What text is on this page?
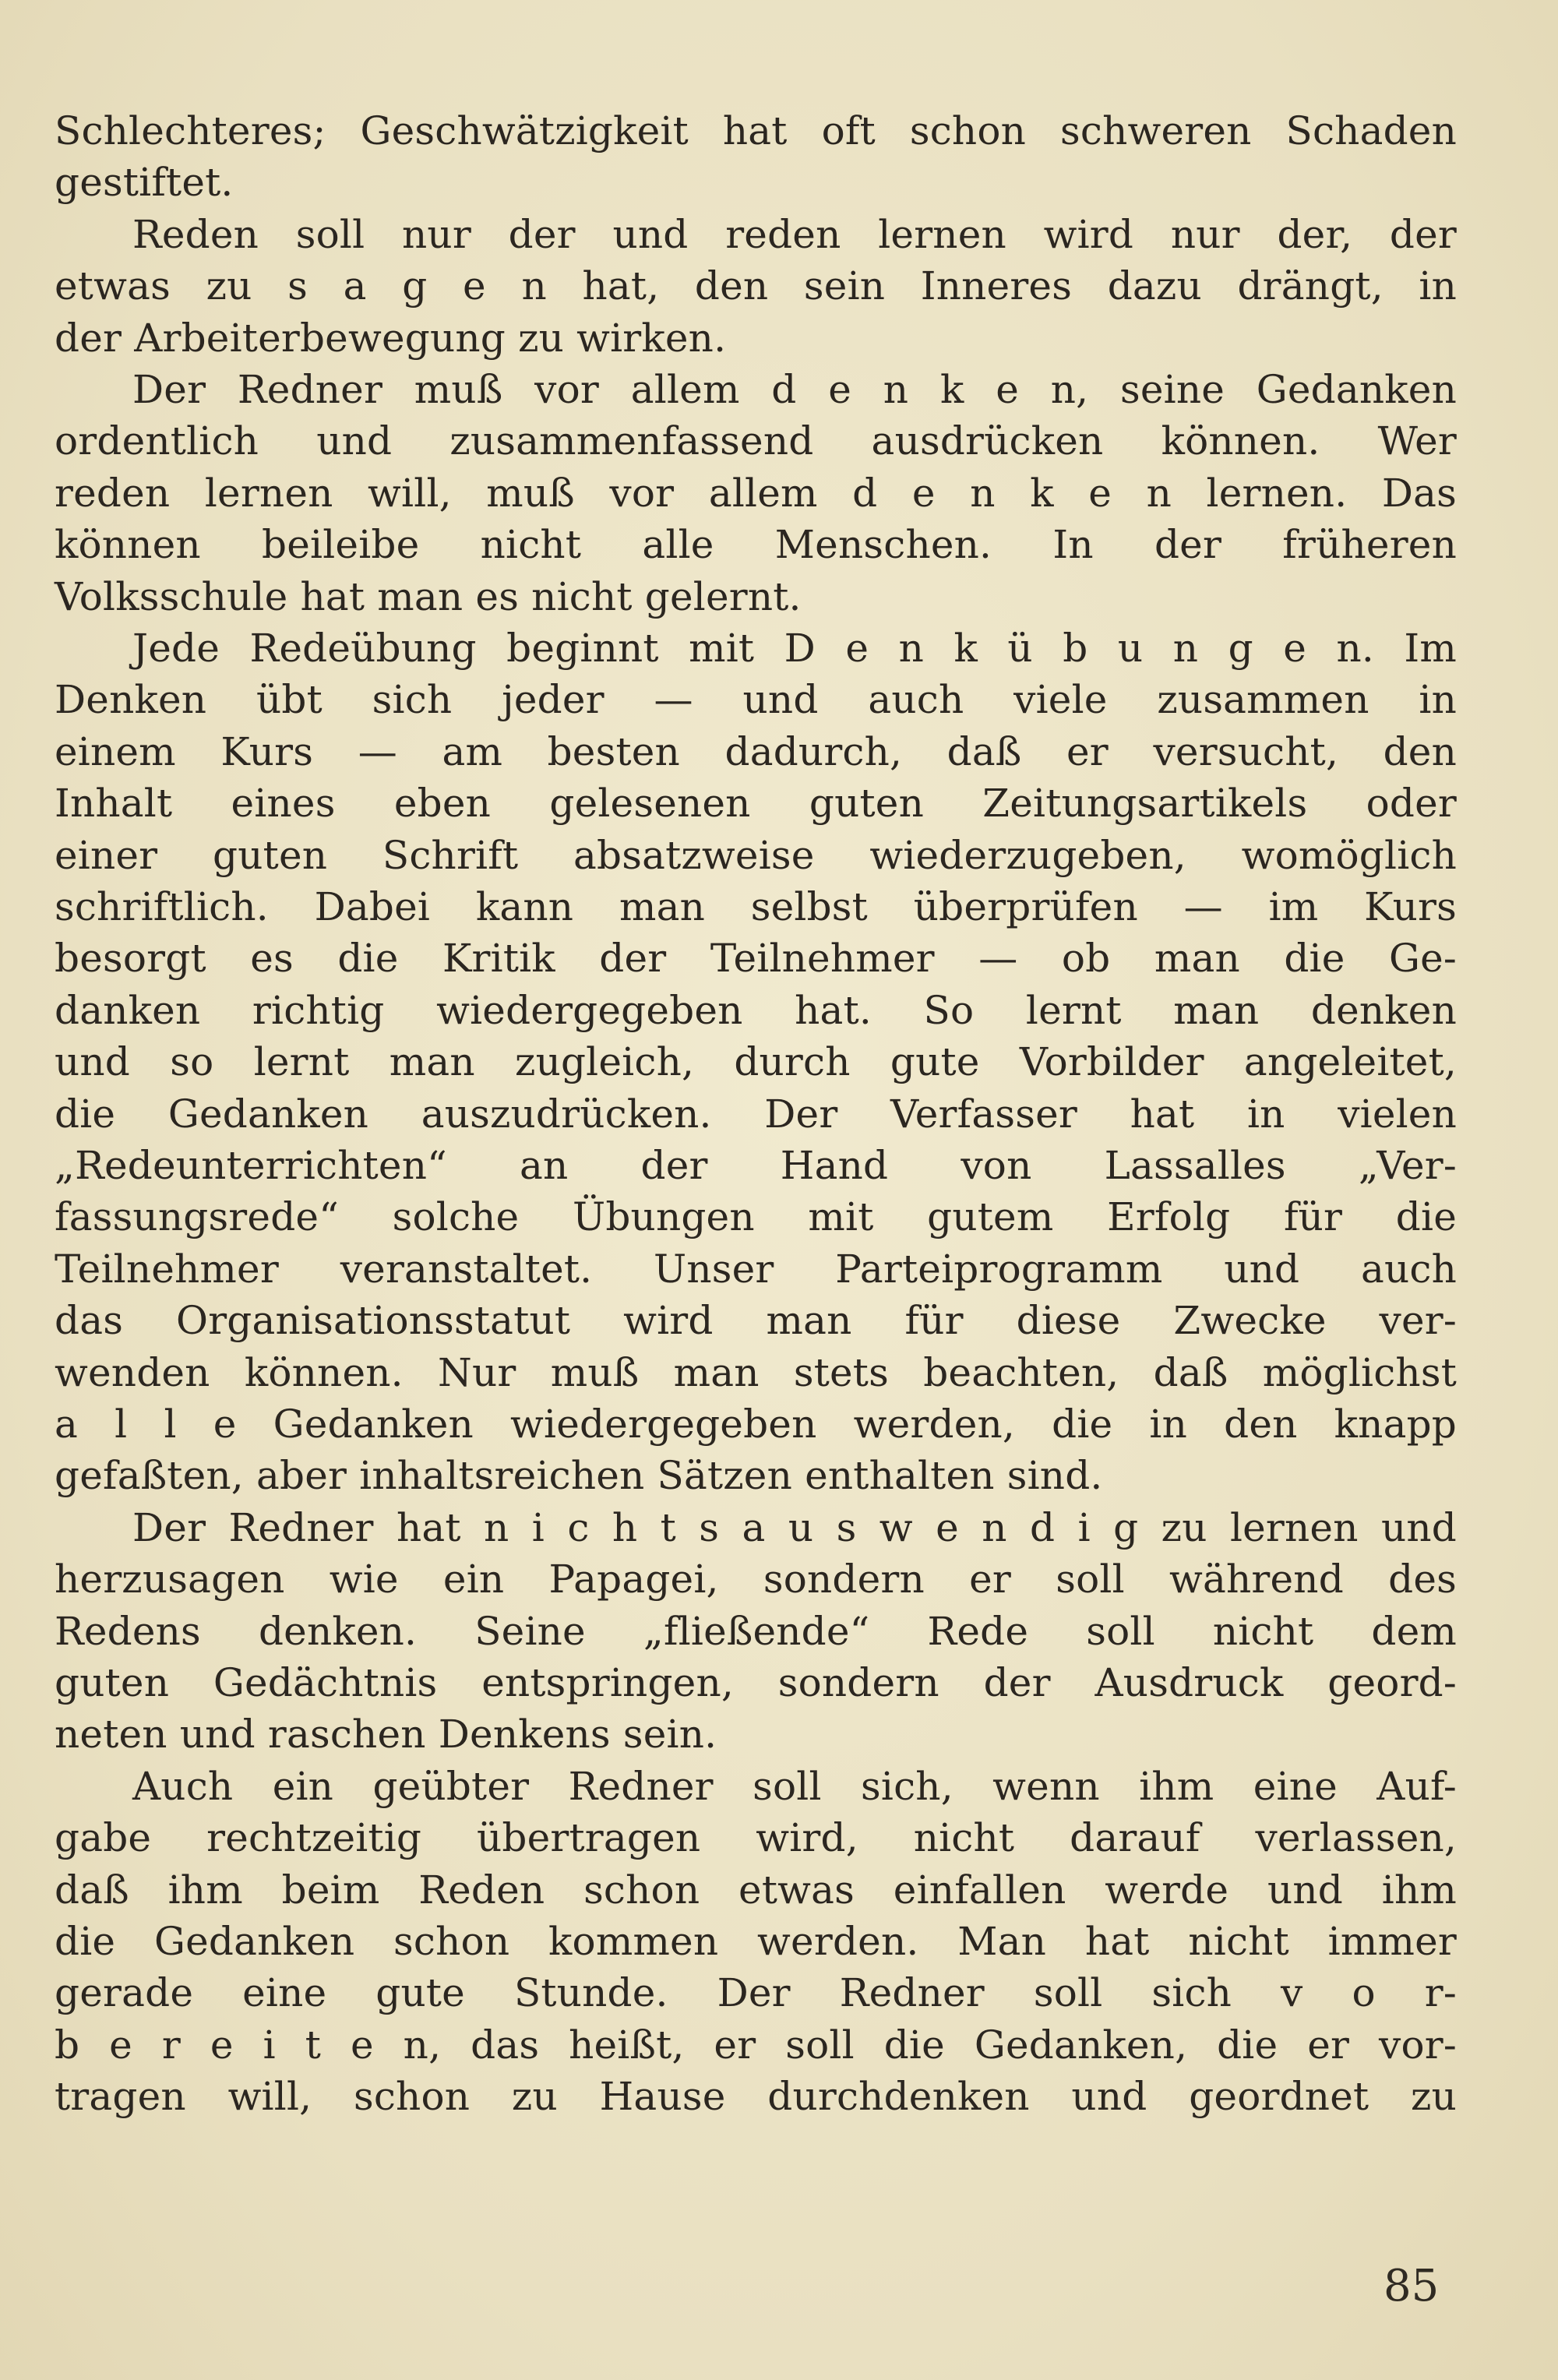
Schlechteres; Geschwätzigkeit hat oft schon schweren Schaden
gestiftet.
Reden soll nur der und reden lernen wird nur der, der
etwas zu s a g e n hat, den sein Inneres dazu drängt, in
der Arbeiterbewegung zu wirken.
Der Redner muß vor allem d e n k e n, seine Gedanken
ordentlich und zusammenfassend ausdrücken können. Wer
reden lernen will, muß vor allem d e n k e n lernen. Das
können beileibe nicht alle Menschen. In der früheren
Volksschule hat man es nicht gelernt.
Jede Redeübung beginnt mit D e n k ü b u n g e n. Im
Denken übt sich jeder — und auch viele zusammen in
einem Kurs — am besten dadurch, daß er versucht, den
Inhalt eines eben gelesenen guten Zeitungsartikels oder
einer guten Schrift absatzweise wiederzugeben, womöglich
schriftlich. Dabei kann man selbst überprüfen — im Kurs
besorgt es die Kritik der Teilnehmer — ob man die Ge-
danken richtig wiedergegeben hat. So lernt man denken
und so lernt man zugleich, durch gute Vorbilder angeleitet,
die Gedanken auszudrücken. Der Verfasser hat in vielen
„Redeunterrichten“ an der Hand von Lassalles „Ver-
fassungsrede“ solche Übungen mit gutem Erfolg für die
Teilnehmer veranstaltet. Unser Parteiprogramm und auch
das Organisationsstatut wird man für diese Zwecke ver-
wenden können. Nur muß man stets beachten, daß möglichst
a l l e Gedanken wiedergegeben werden, die in den knapp
gefaßten, aber inhaltsreichen Sätzen enthalten sind.
Der Redner hat n i c h t s a u s w e n d i g zu lernen und
herzusagen wie ein Papagei, sondern er soll während des
Redens denken. Seine „fließende“ Rede soll nicht dem
guten Gedächtnis entspringen, sondern der Ausdruck geord-
neten und raschen Denkens sein.
Auch ein geübter Redner soll sich, wenn ihm eine Auf-
gabe rechtzeitig übertragen wird, nicht darauf verlassen,
daß ihm beim Reden schon etwas einfallen werde und ihm
die Gedanken schon kommen werden. Man hat nicht immer
gerade eine gute Stunde. Der Redner soll sich v o r-
b e r e i t e n, das heißt, er soll die Gedanken, die er vor-
tragen will, schon zu Hause durchdenken und geordnet zu
85
